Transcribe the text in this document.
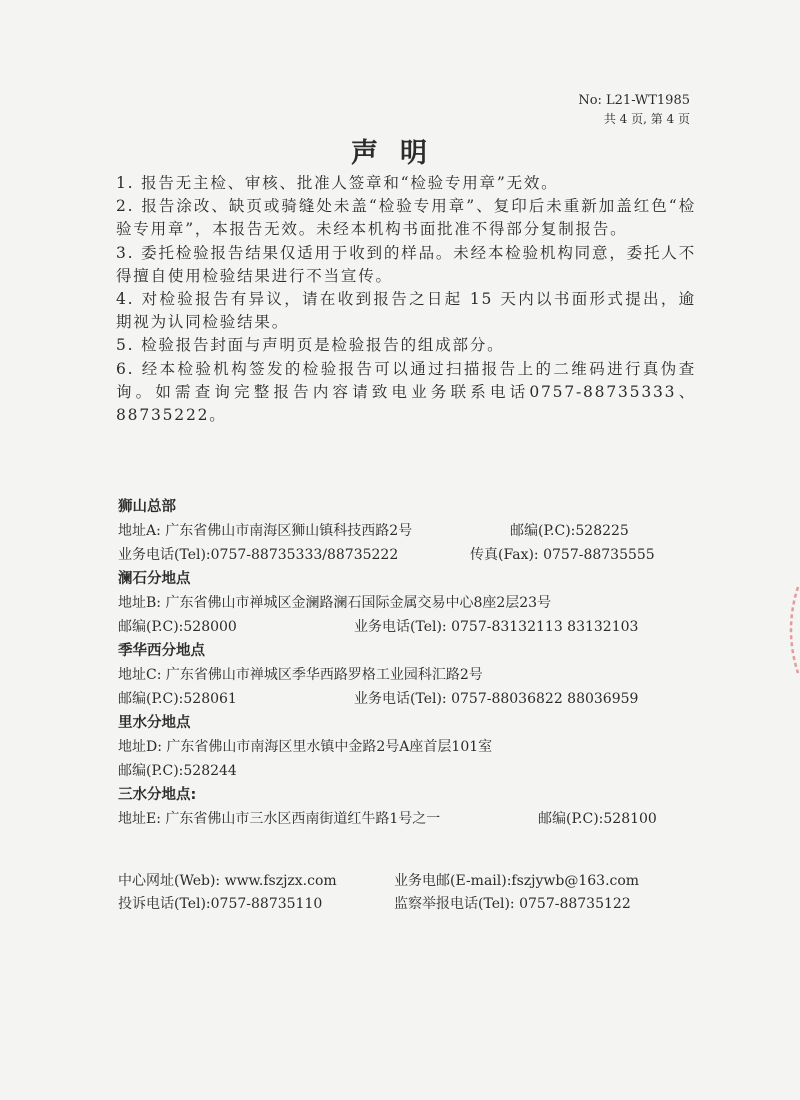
No: L21-WT1985
共 4 页, 第 4 页
声明

1. 报告无主检、审核、批准人签章和“检验专用章”无效。

2. 报告涂改、缺页或骑缝处未盖“检验专用章”、复印后未重新加盖红色“检验专用章”，本报告无效。未经本机构书面批准不得部分复制报告。

3. 委托检验报告结果仅适用于收到的样品。未经本检验机构同意，委托人不得擅自使用检验结果进行不当宣传。

4. 对检验报告有异议，请在收到报告之日起 15 天内以书面形式提出，逾期视为认同检验结果。

5. 检验报告封面与声明页是检验报告的组成部分。

6. 经本检验机构签发的检验报告可以通过扫描报告上的二维码进行真伪查询。如需查询完整报告内容请致电业务联系电话0757-88735333、88735222。

狮山总部
地址A: 广东省佛山市南海区狮山镇科技西路2号	邮编(P.C):528225
业务电话(Tel):0757-88735333/88735222	传真(Fax): 0757-88735555
澜石分地点
地址B: 广东省佛山市禅城区金澜路澜石国际金属交易中心8座2层23号
邮编(P.C):528000	业务电话(Tel): 0757-83132113 83132103
季华西分地点
地址C: 广东省佛山市禅城区季华西路罗格工业园科汇路2号
邮编(P.C):528061	业务电话(Tel): 0757-88036822 88036959
里水分地点
地址D: 广东省佛山市南海区里水镇中金路2号A座首层101室
邮编(P.C):528244
三水分地点:
地址E: 广东省佛山市三水区西南街道红牛路1号之一	邮编(P.C):528100
中心网址(Web): www.fszjzx.com	业务电邮(E-mail):fszjywb@163.com
投诉电话(Tel):0757-88735110	监察举报电话(Tel): 0757-88735122
